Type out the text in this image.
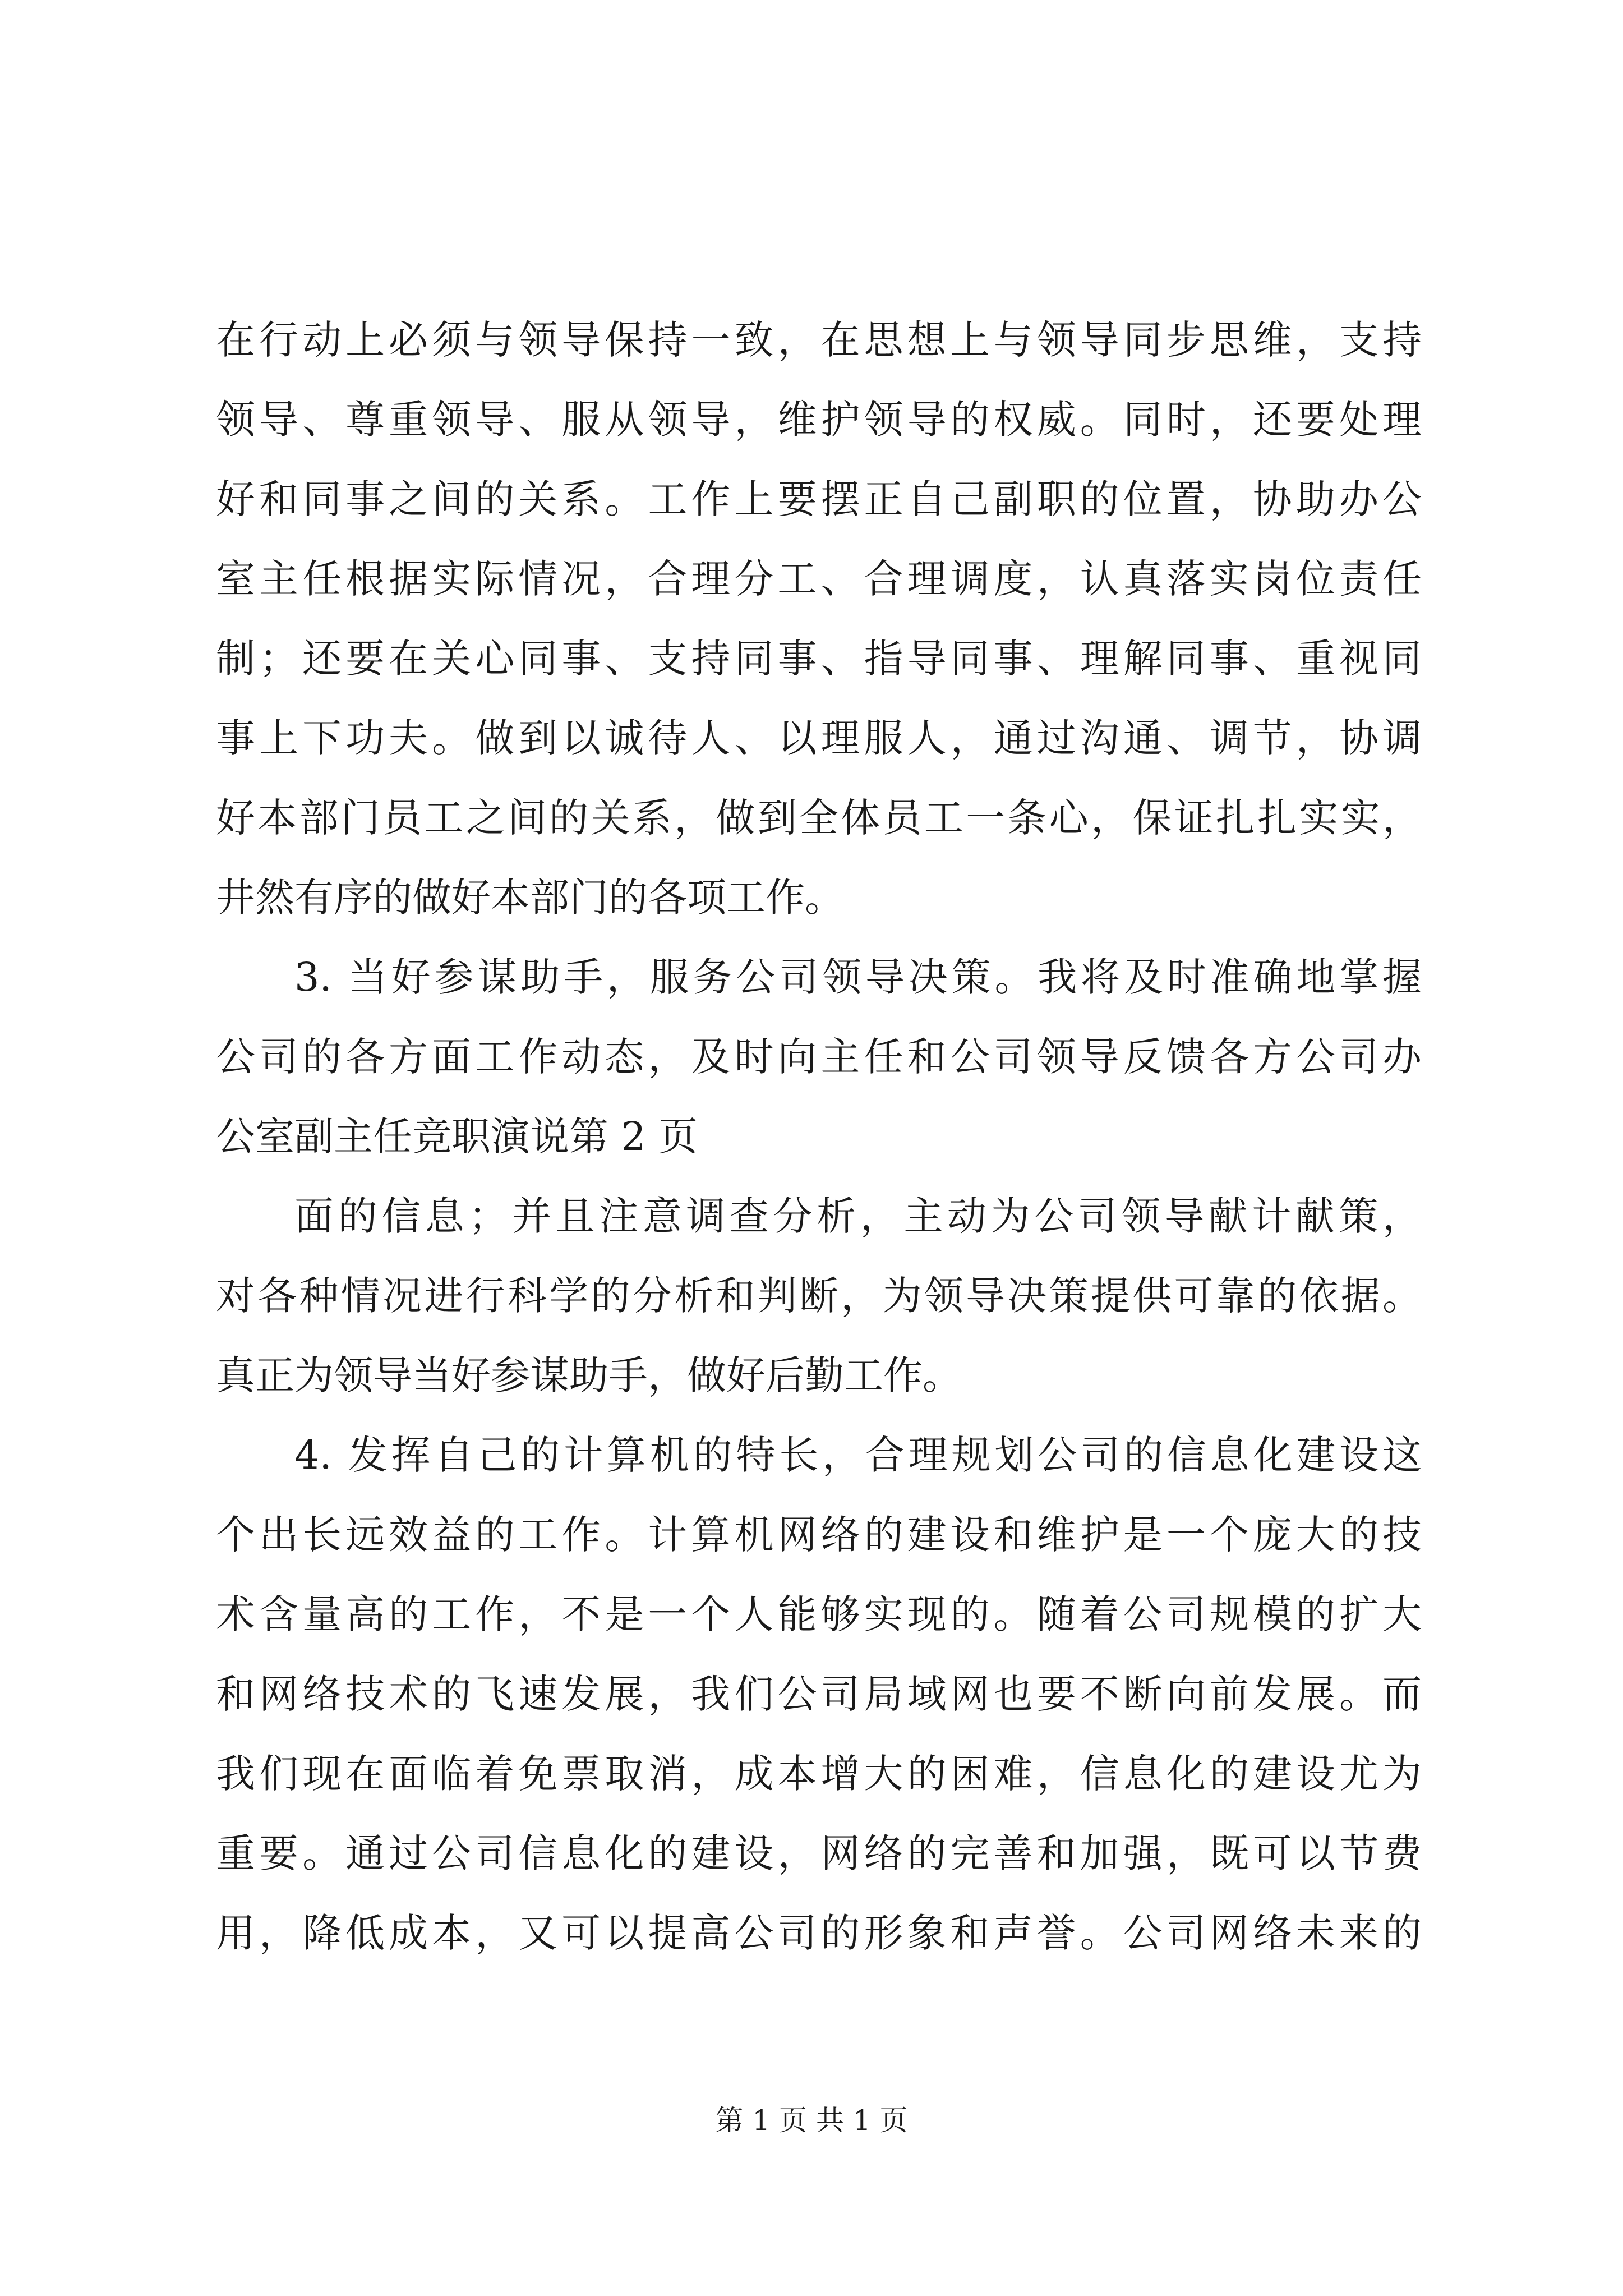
在行动上必须与领导保持一致，在思想上与领导同步思维，支持

领导、尊重领导、服从领导，维护领导的权威。同时，还要处理

好和同事之间的关系。工作上要摆正自己副职的位置，协助办公

室主任根据实际情况，合理分工、合理调度，认真落实岗位责任

制；还要在关心同事、支持同事、指导同事、理解同事、重视同

事上下功夫。做到以诚待人、以理服人，通过沟通、调节，协调

好本部门员工之间的关系，做到全体员工一条心，保证扎扎实实，

井然有序的做好本部门的各项工作。

3. 当好参谋助手，服务公司领导决策。我将及时准确地掌握

公司的各方面工作动态，及时向主任和公司领导反馈各方公司办

公室副主任竞职演说第 2 页

面的信息；并且注意调查分析，主动为公司领导献计献策，

对各种情况进行科学的分析和判断，为领导决策提供可靠的依据。

真正为领导当好参谋助手，做好后勤工作。

4. 发挥自己的计算机的特长，合理规划公司的信息化建设这

个出长远效益的工作。计算机网络的建设和维护是一个庞大的技

术含量高的工作，不是一个人能够实现的。随着公司规模的扩大

和网络技术的飞速发展，我们公司局域网也要不断向前发展。而

我们现在面临着免票取消，成本增大的困难，信息化的建设尤为

重要。通过公司信息化的建设，网络的完善和加强，既可以节费

用，降低成本，又可以提高公司的形象和声誉。公司网络未来的

第 1 页 共 1 页
